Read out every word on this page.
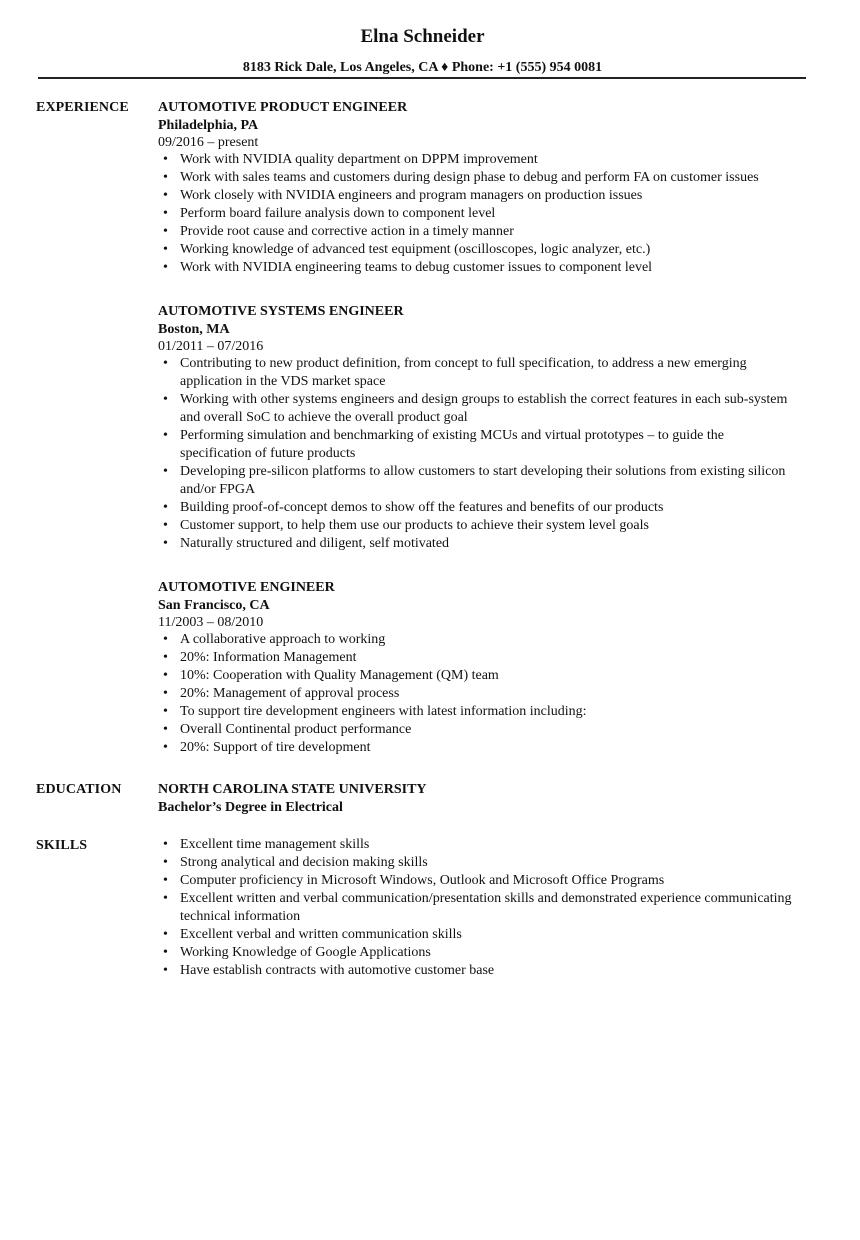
Elna Schneider
8183 Rick Dale, Los Angeles, CA ♦ Phone: +1 (555) 954 0081
EXPERIENCE AUTOMOTIVE PRODUCT ENGINEER
Philadelphia, PA
09/2016 – present
• Work with NVIDIA quality department on DPPM improvement
• Work with sales teams and customers during design phase to debug and perform FA on customer issues
• Work closely with NVIDIA engineers and program managers on production issues
• Perform board failure analysis down to component level
• Provide root cause and corrective action in a timely manner
• Working knowledge of advanced test equipment (oscilloscopes, logic analyzer, etc.)
• Work with NVIDIA engineering teams to debug customer issues to component level
AUTOMOTIVE SYSTEMS ENGINEER
Boston, MA
01/2011 – 07/2016
• Contributing to new product definition, from concept to full specification, to address a new emerging application in the VDS market space
• Working with other systems engineers and design groups to establish the correct features in each sub-system and overall SoC to achieve the overall product goal
• Performing simulation and benchmarking of existing MCUs and virtual prototypes – to guide the specification of future products
• Developing pre-silicon platforms to allow customers to start developing their solutions from existing silicon and/or FPGA
• Building proof-of-concept demos to show off the features and benefits of our products
• Customer support, to help them use our products to achieve their system level goals
• Naturally structured and diligent, self motivated
AUTOMOTIVE ENGINEER
San Francisco, CA
11/2003 – 08/2010
• A collaborative approach to working
• 20%: Information Management
• 10%: Cooperation with Quality Management (QM) team
• 20%: Management of approval process
• To support tire development engineers with latest information including:
• Overall Continental product performance
• 20%: Support of tire development
EDUCATION	NORTH CAROLINA STATE UNIVERSITY
Bachelor’s Degree in Electrical
SKILLS
•	Excellent time management skills
• Strong analytical and decision making skills
• Computer proficiency in Microsoft Windows, Outlook and Microsoft Office Programs
• Excellent written and verbal communication/presentation skills and demonstrated experience communicating technical information
• Excellent verbal and written communication skills
• Working Knowledge of Google Applications
• Have establish contracts with automotive customer base
